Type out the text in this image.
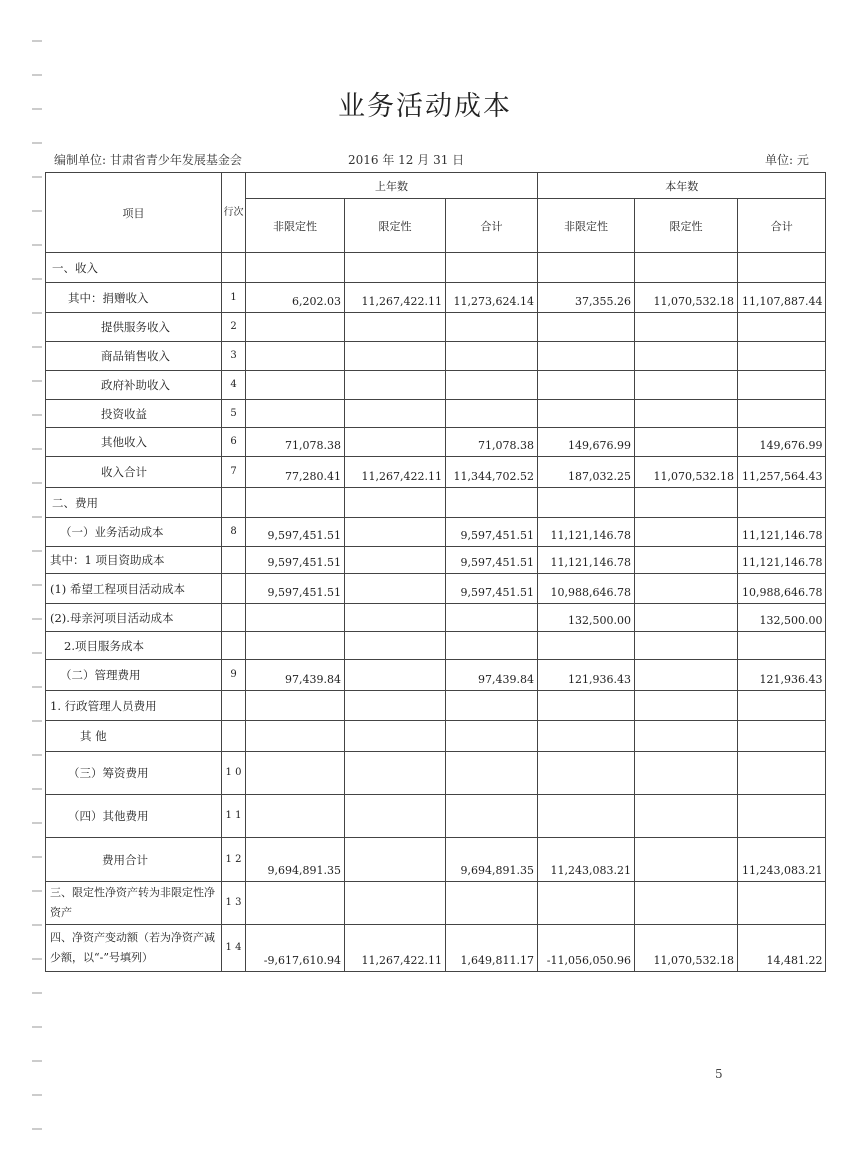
业务活动成本
编制单位: 甘肃省青少年发展基金会	2016 年 12 月 31 日	单位: 元
项目	行次	上年数			本年数		
		非限定性	限定性	合计	非限定性	限定性	合计
一、收入							
其中：捐赠收入	1	6,202.03	11,267,422.11	11,273,624.14	37,355.26	11,070,532.18	11,107,887.44
提供服务收入	2						
商品销售收入	3						
政府补助收入	4						
投资收益	5						
其他收入	6	71,078.38		71,078.38	149,676.99		149,676.99
收入合计	7	77,280.41	11,267,422.11	11,344,702.52	187,032.25	11,070,532.18	11,257,564.43
二、费用							
（一）业务活动成本	8	9,597,451.51		9,597,451.51	11,121,146.78		11,121,146.78
其中：1 项目资助成本		9,597,451.51		9,597,451.51	11,121,146.78		11,121,146.78
(1) 希望工程项目活动成本		9,597,451.51		9,597,451.51	10,988,646.78		10,988,646.78
(2).母亲河项目活动成本					132,500.00		132,500.00
2.项目服务成本							
（二）管理费用	9	97,439.84		97,439.84	121,936.43		121,936.43
1. 行政管理人员费用							
其 他							
（三）筹资费用	1 0						
（四）其他费用	1 1						
费用合计	1 2	9,694,891.35		9,694,891.35	11,243,083.21		11,243,083.21
三、限定性净资产转为非限定性净资产	1 3						
四、净资产变动额（若为净资产减少额，以“-”号填列）	1 4	-9,617,610.94	11,267,422.11	1,649,811.17	-11,056,050.96	11,070,532.18	14,481.22
5
